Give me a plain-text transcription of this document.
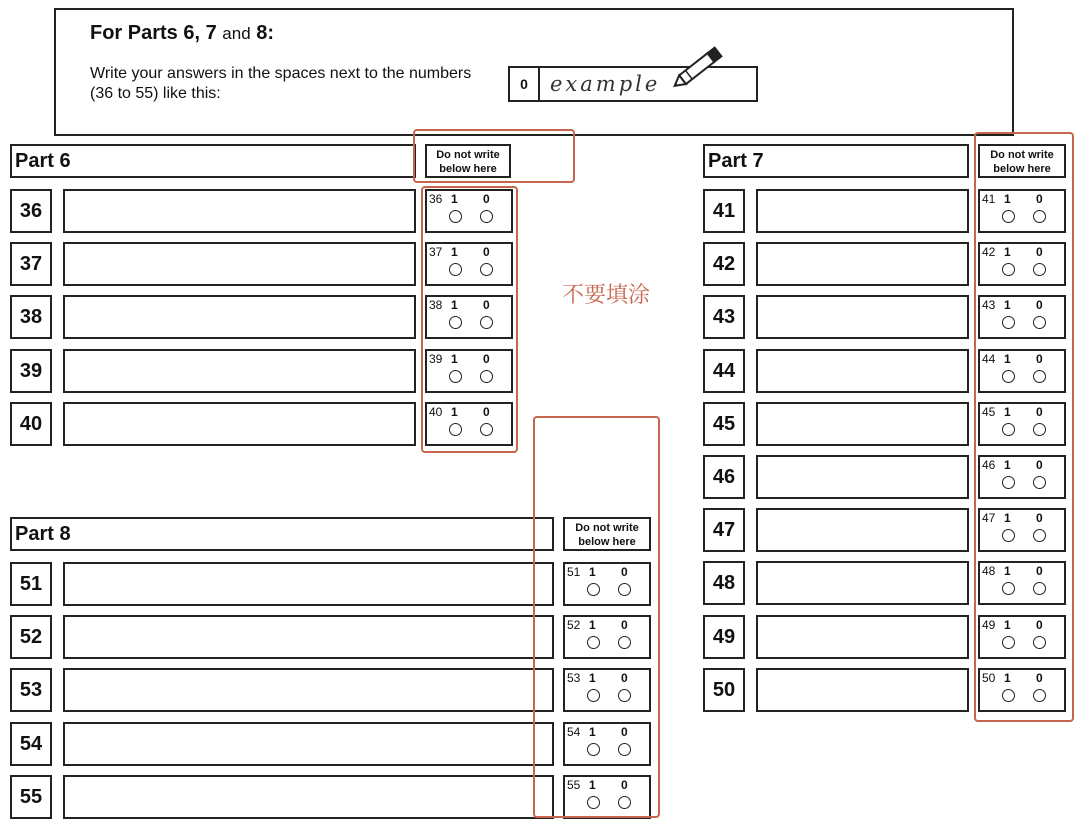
For Parts 6, 7 and 8:
Write your answers in the spaces next to the numbers (36 to 55) like this:
0	example
Part 6	Do not write
below here
36
36 1 0
37
37 1 0
38
38 1 0
39
39 1 0
40
40 1 0
Part 7	Do not write
below here
41
41 1 0
42
42 1 0
43
43 1 0
44
44 1 0
45
45 1 0
46
46 1 0
47
47 1 0
48
48 1 0
49
49 1 0
50
50 1 0
Part 8	Do not write
below here
51
51 1 0
52
52 1 0
53
53 1 0
54
54 1 0
55
55 1 0
不要填涂
